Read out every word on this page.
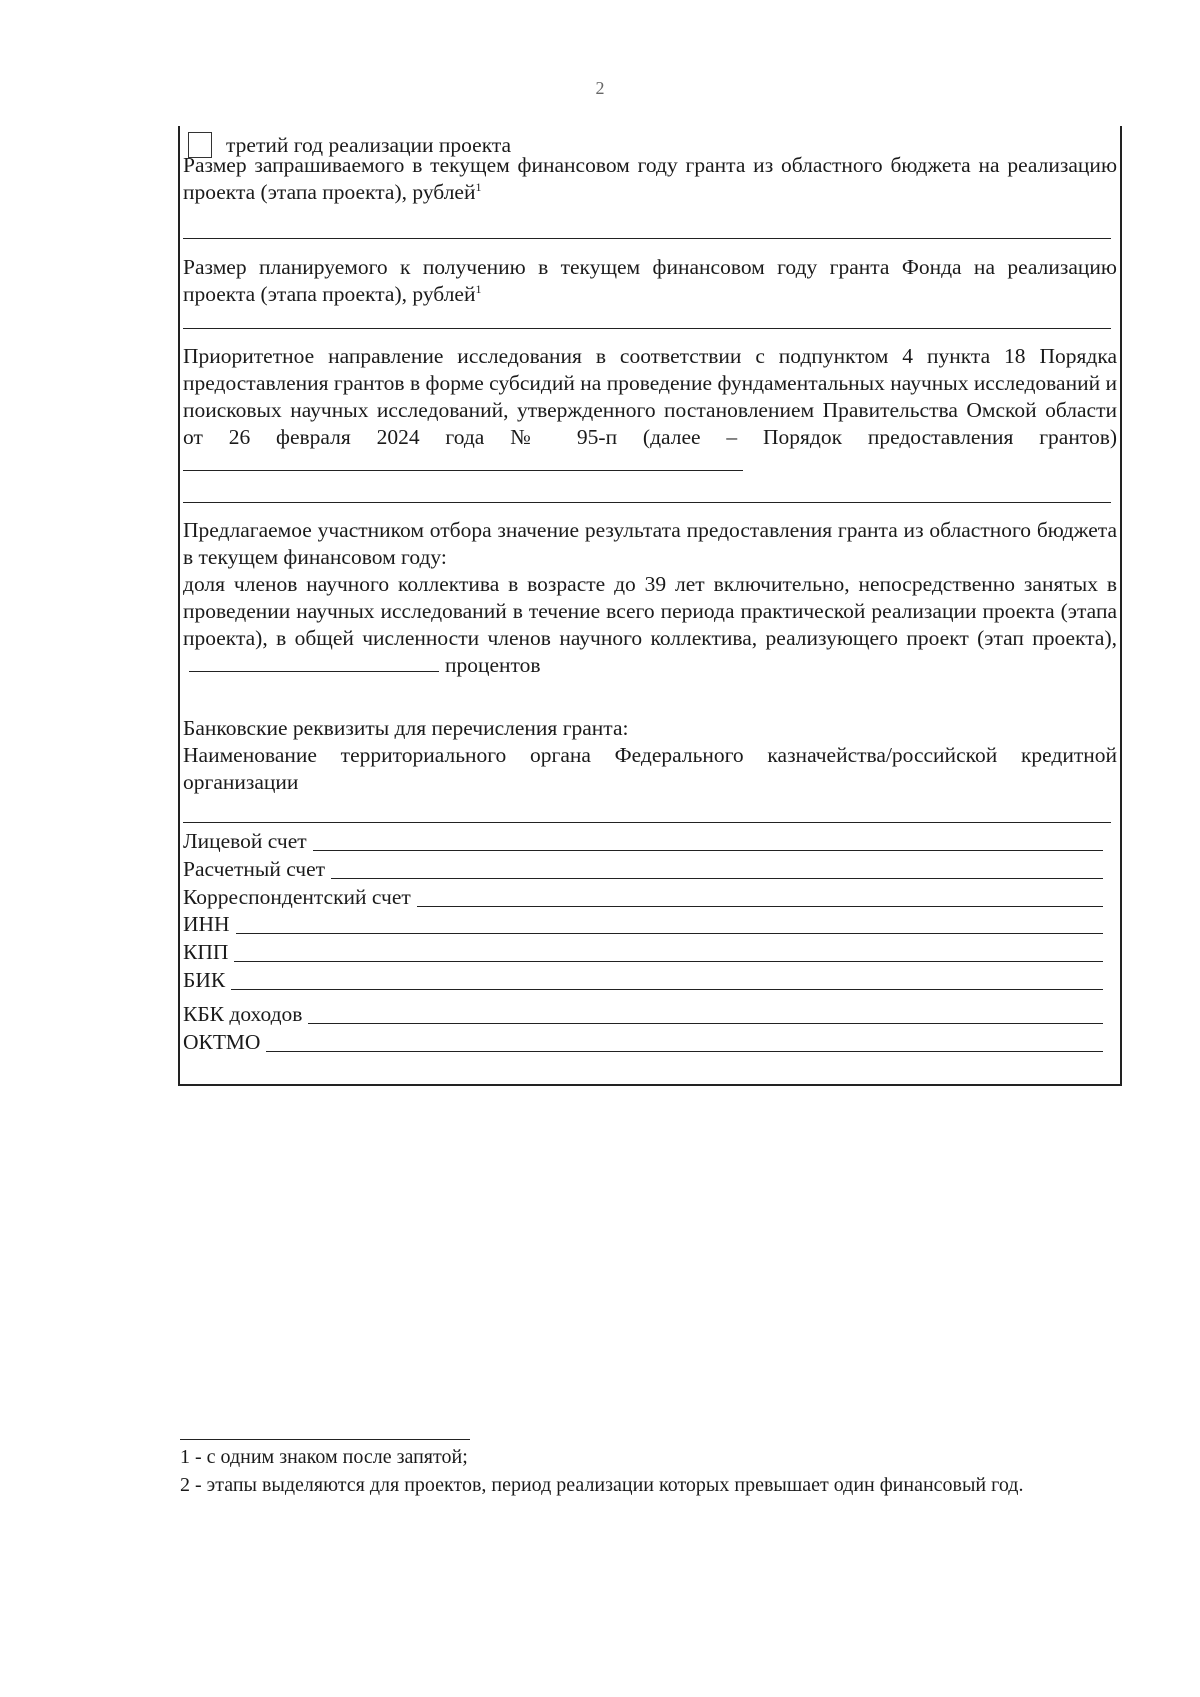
2
третий год реализации проекта

Размер запрашиваемого в текущем финансовом году гранта из областного бюджета на реализацию проекта (этапа проекта), рублей$^1$

Размер планируемого к получению в текущем финансовом году гранта Фонда на реализацию проекта (этапа проекта), рублей$^1$

Приоритетное направление исследования в соответствии с подпунктом 4 пункта 18 Порядка предоставления грантов в форме субсидий на проведение фундаментальных научных исследований и поисковых научных исследований, утвержденного постановлением Правительства Омской области от 26 февраля 2024 года № 95-п (далее – Порядок предоставления грантов)

Предлагаемое участником отбора значение результата предоставления гранта из областного бюджета в текущем финансовом году:

доля членов научного коллектива в возрасте до 39 лет включительно, непосредственно занятых в проведении научных исследований в течение всего периода практической реализации проекта (этапа проекта), в общей численности членов научного коллектива, реализующего проект (этап проекта),процентов

Банковские реквизиты для перечисления гранта:

Наименование территориального органа Федерального казначейства/российской кредитной организации

Лицевой счет
Расчетный счет
Корреспондентский счет
ИНН
КПП
БИК
КБК доходов
ОКТМО

1 - с одним знаком после запятой;

2 - этапы выделяются для проектов, период реализации которых превышает один финансовый год.
